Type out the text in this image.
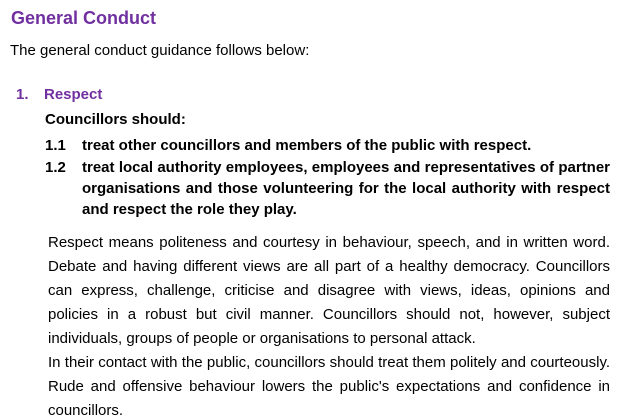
General Conduct

The general conduct guidance follows below:

1.	Respect

Councillors should:

1.1	treat other councillors and members of the public with respect.
1.2	treat local authority employees, employees and representatives of partner organisations and those volunteering for the local authority with respect and respect the role they play.

Respect means politeness and courtesy in behaviour, speech, and in written word. Debate and having different views are all part of a healthy democracy. Councillors can express, challenge, criticise and disagree with views, ideas, opinions and policies in a robust but civil manner. Councillors should not, however, subject individuals, groups of people or organisations to personal attack.

In their contact with the public, councillors should treat them politely and courteously. Rude and offensive behaviour lowers the public's expectations and confidence in councillors.
